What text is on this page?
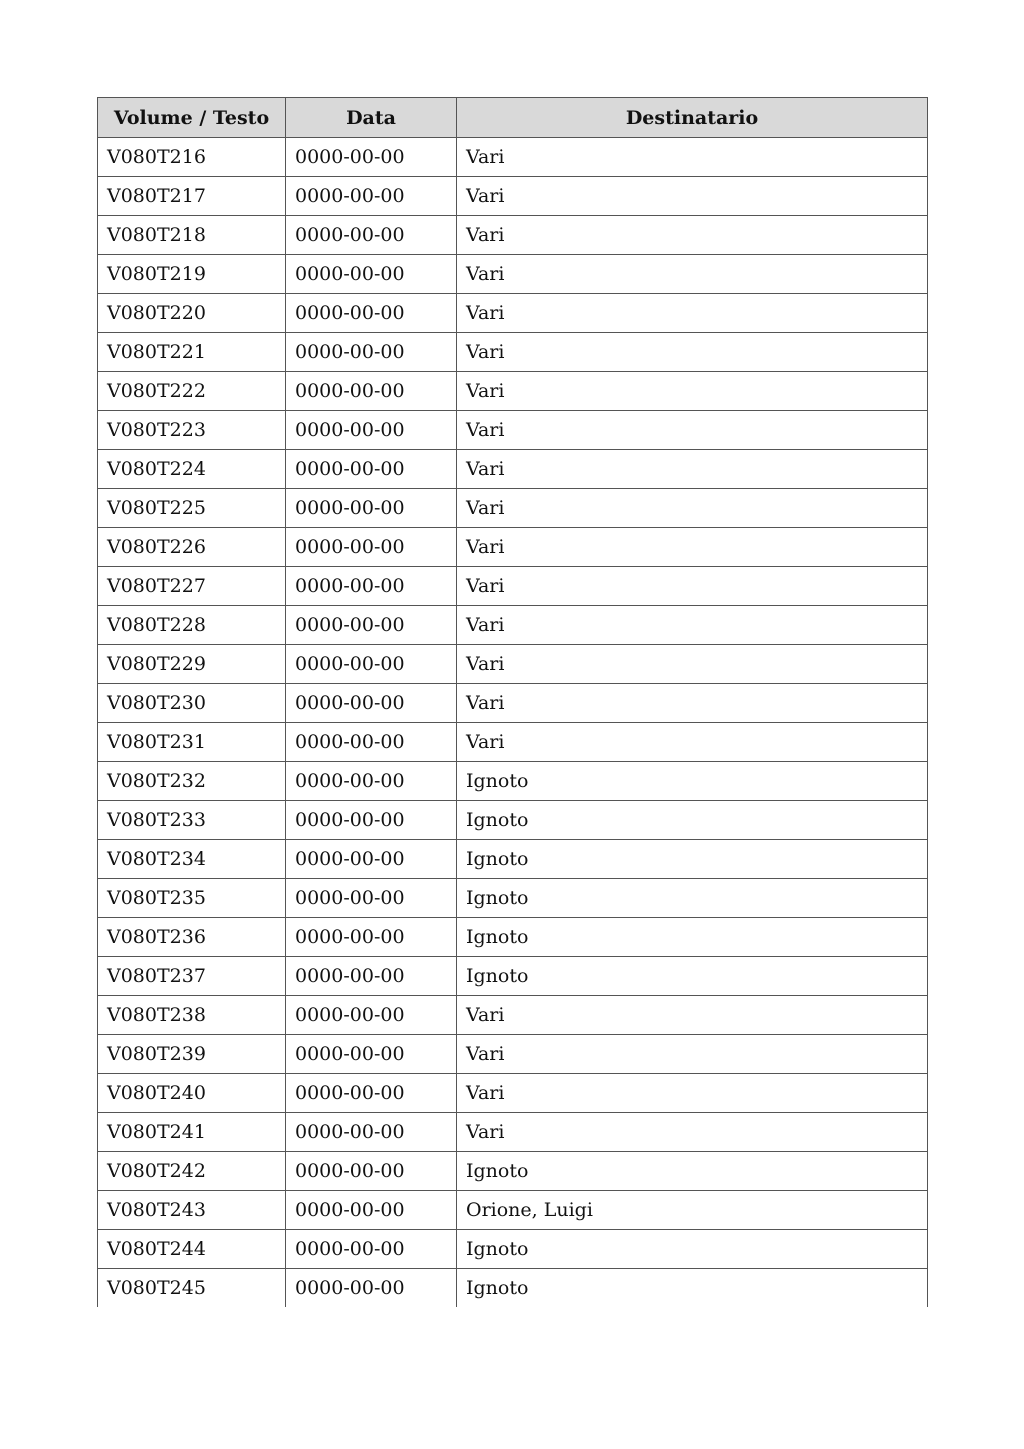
Volume / Testo	Data	Destinatario
V080T216	0000-00-00	Vari
V080T217	0000-00-00	Vari
V080T218	0000-00-00	Vari
V080T219	0000-00-00	Vari
V080T220	0000-00-00	Vari
V080T221	0000-00-00	Vari
V080T222	0000-00-00	Vari
V080T223	0000-00-00	Vari
V080T224	0000-00-00	Vari
V080T225	0000-00-00	Vari
V080T226	0000-00-00	Vari
V080T227	0000-00-00	Vari
V080T228	0000-00-00	Vari
V080T229	0000-00-00	Vari
V080T230	0000-00-00	Vari
V080T231	0000-00-00	Vari
V080T232	0000-00-00	Ignoto
V080T233	0000-00-00	Ignoto
V080T234	0000-00-00	Ignoto
V080T235	0000-00-00	Ignoto
V080T236	0000-00-00	Ignoto
V080T237	0000-00-00	Ignoto
V080T238	0000-00-00	Vari
V080T239	0000-00-00	Vari
V080T240	0000-00-00	Vari
V080T241	0000-00-00	Vari
V080T242	0000-00-00	Ignoto
V080T243	0000-00-00	Orione, Luigi
V080T244	0000-00-00	Ignoto
V080T245	0000-00-00	Ignoto
